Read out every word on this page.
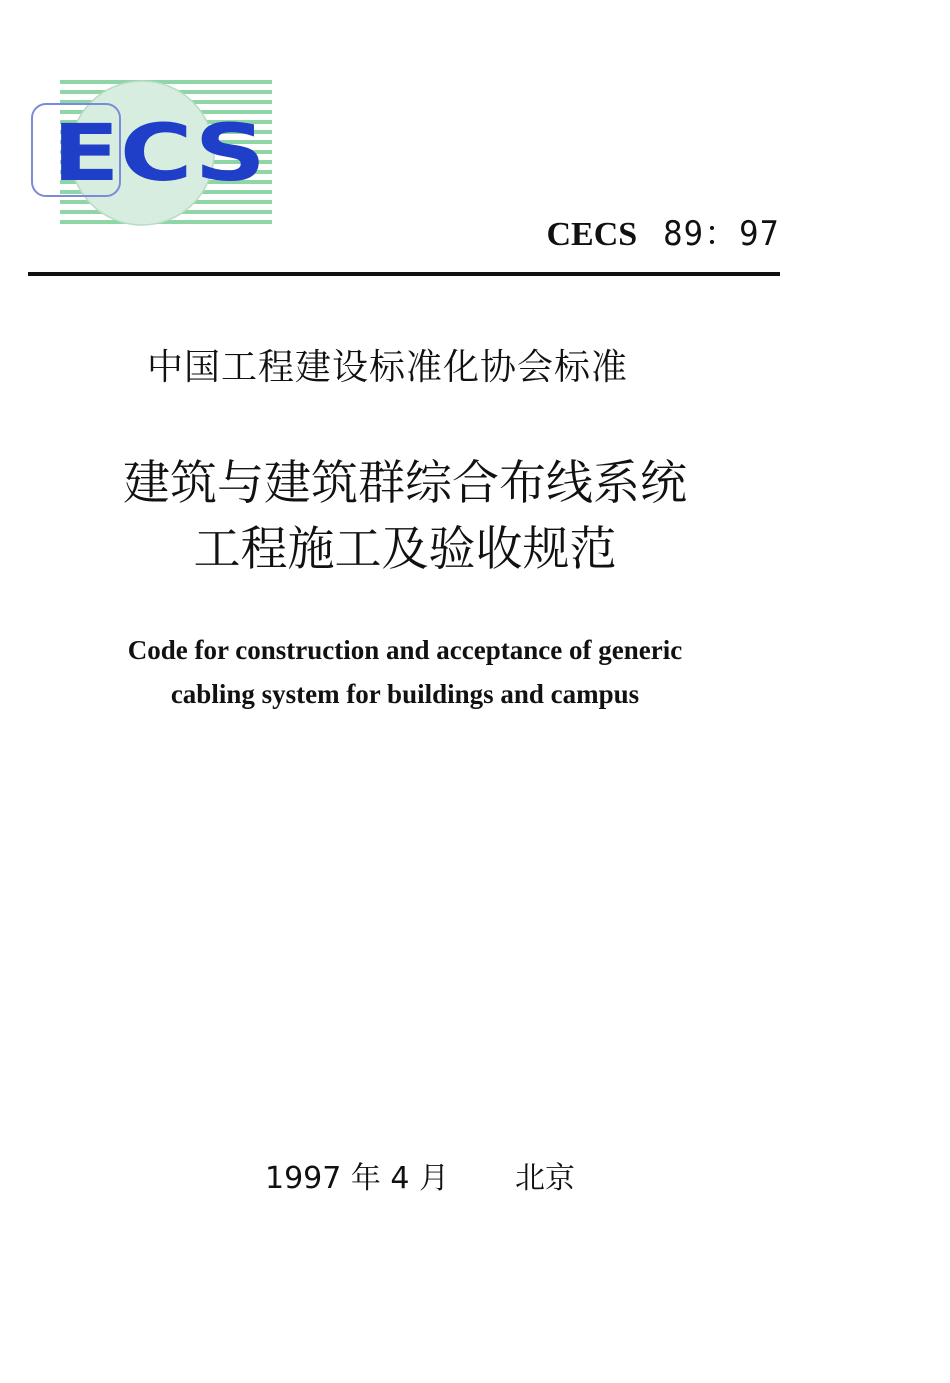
ECS
CECS 89：97
中国工程建设标准化协会标准
建筑与建筑群综合布线系统
工程施工及验收规范
Code for construction and acceptance of generic
cabling system for buildings and campus
1997 年 4 月 北京
